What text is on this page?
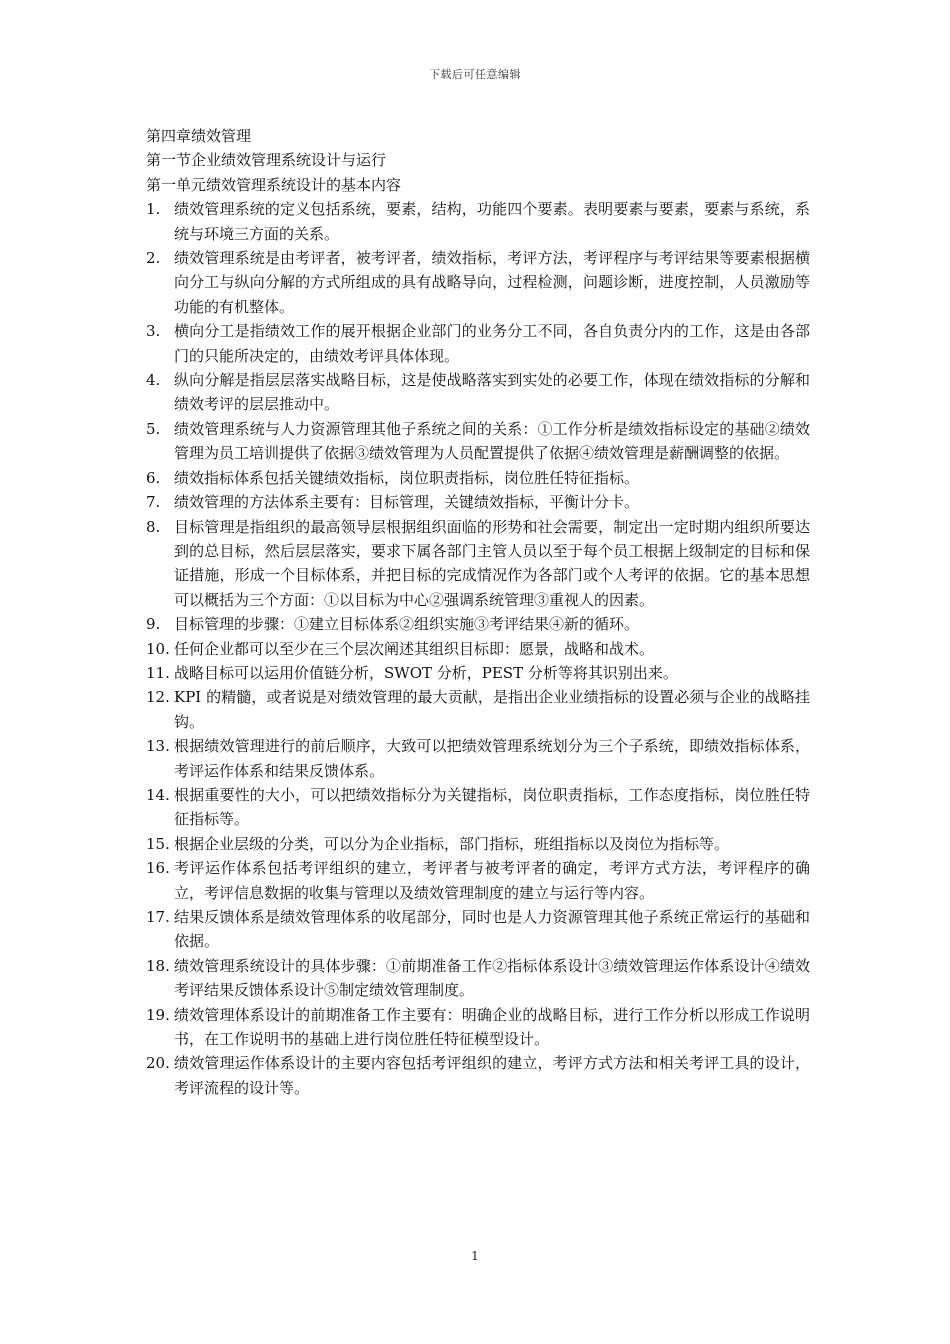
下载后可任意编辑

第四章绩效管理

第一节企业绩效管理系统设计与运行

第一单元绩效管理系统设计的基本内容

1. 绩效管理系统的定义包括系统，要素，结构，功能四个要素。表明要素与要素，要素与系统，系统与环境三方面的关系。
2. 绩效管理系统是由考评者，被考评者，绩效指标，考评方法，考评程序与考评结果等要素根据横向分工与纵向分解的方式所组成的具有战略导向，过程检测，问题诊断，进度控制，人员激励等功能的有机整体。
3. 横向分工是指绩效工作的展开根据企业部门的业务分工不同，各自负责分内的工作，这是由各部门的只能所决定的，由绩效考评具体体现。
4. 纵向分解是指层层落实战略目标，这是使战略落实到实处的必要工作，体现在绩效指标的分解和绩效考评的层层推动中。
5. 绩效管理系统与人力资源管理其他子系统之间的关系：①工作分析是绩效指标设定的基础②绩效管理为员工培训提供了依据③绩效管理为人员配置提供了依据④绩效管理是薪酬调整的依据。
6. 绩效指标体系包括关键绩效指标，岗位职责指标，岗位胜任特征指标。
7. 绩效管理的方法体系主要有：目标管理，关键绩效指标，平衡计分卡。
8. 目标管理是指组织的最高领导层根据组织面临的形势和社会需要，制定出一定时期内组织所要达到的总目标，然后层层落实，要求下属各部门主管人员以至于每个员工根据上级制定的目标和保证措施，形成一个目标体系，并把目标的完成情况作为各部门或个人考评的依据。它的基本思想可以概括为三个方面：①以目标为中心②强调系统管理③重视人的因素。
9. 目标管理的步骤：①建立目标体系②组织实施③考评结果④新的循环。
10. 任何企业都可以至少在三个层次阐述其组织目标即：愿景，战略和战术。
11. 战略目标可以运用价值链分析，SWOT 分析，PEST 分析等将其识别出来。
12. KPI 的精髓，或者说是对绩效管理的最大贡献，是指出企业业绩指标的设置必须与企业的战略挂钩。
13. 根据绩效管理进行的前后顺序，大致可以把绩效管理系统划分为三个子系统，即绩效指标体系，考评运作体系和结果反馈体系。
14. 根据重要性的大小，可以把绩效指标分为关键指标，岗位职责指标，工作态度指标，岗位胜任特征指标等。
15. 根据企业层级的分类，可以分为企业指标，部门指标，班组指标以及岗位为指标等。
16. 考评运作体系包括考评组织的建立，考评者与被考评者的确定，考评方式方法，考评程序的确立，考评信息数据的收集与管理以及绩效管理制度的建立与运行等内容。
17. 结果反馈体系是绩效管理体系的收尾部分，同时也是人力资源管理其他子系统正常运行的基础和依据。
18. 绩效管理系统设计的具体步骤：①前期准备工作②指标体系设计③绩效管理运作体系设计④绩效考评结果反馈体系设计⑤制定绩效管理制度。
19. 绩效管理体系设计的前期准备工作主要有：明确企业的战略目标，进行工作分析以形成工作说明书，在工作说明书的基础上进行岗位胜任特征模型设计。
20. 绩效管理运作体系设计的主要内容包括考评组织的建立，考评方式方法和相关考评工具的设计，考评流程的设计等。
1
